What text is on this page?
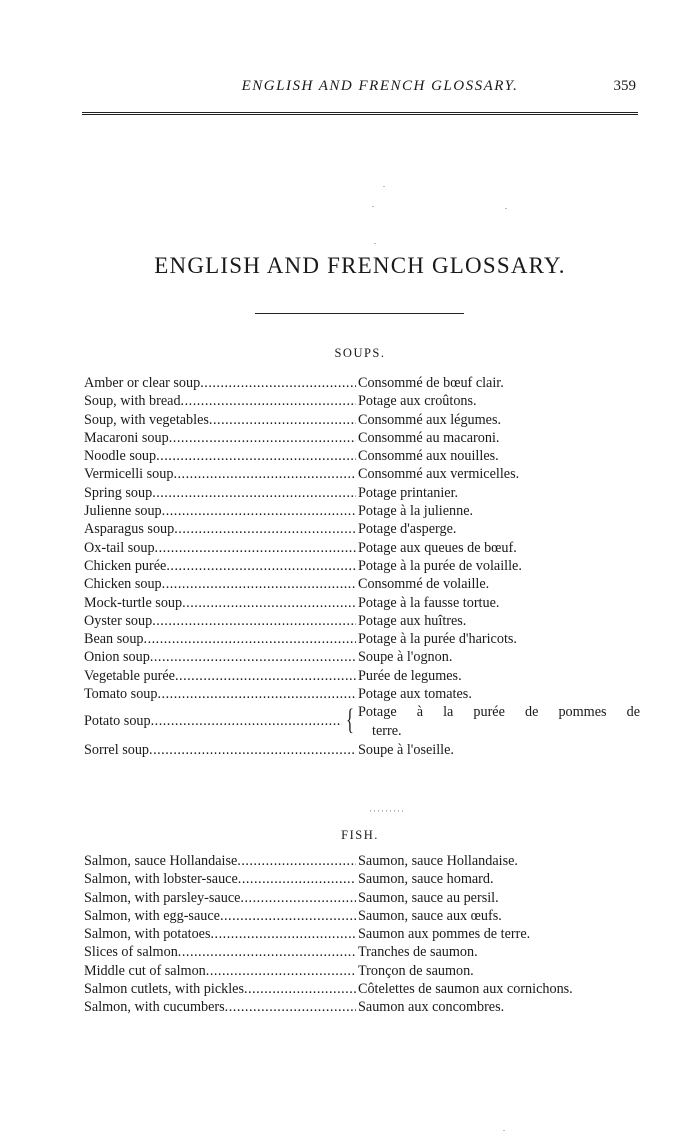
ENGLISH AND FRENCH GLOSSARY.	359
ENGLISH AND FRENCH GLOSSARY.
SOUPS.
Amber or clear soup .....	Consommé de bœuf clair.
Soup, with bread .....	Potage aux croûtons.
Soup, with vegetables .....	Consommé aux légumes.
Macaroni soup .....	Consommé au macaroni.
Noodle soup .....	Consommé aux nouilles.
Vermicelli soup .....	Consommé aux vermicelles.
Spring soup .....	Potage printanier.
Julienne soup .....	Potage à la julienne.
Asparagus soup .....	Potage d'asperge.
Ox-tail soup .....	Potage aux queues de bœuf.
Chicken purée .....	Potage à la purée de volaille.
Chicken soup .....	Consommé de volaille.
Mock-turtle soup .....	Potage à la fausse tortue.
Oyster soup .....	Potage aux huîtres.
Bean soup .....	Potage à la purée d'haricots.
Onion soup .....	Soupe à l'ognon.
Vegetable purée .....	Purée de legumes.
Tomato soup .....	Potage aux tomates.
Potato soup .....	{ Potage à la purée de pommes de
terre.
Sorrel soup .....	Soupe à l'oseille.
·········
FISH.
Salmon, sauce Hollandaise .....	Saumon, sauce Hollandaise.
Salmon, with lobster-sauce .....	Saumon, sauce homard.
Salmon, with parsley-sauce .....	Saumon, sauce au persil.
Salmon, with egg-sauce .....	Saumon, sauce aux œufs.
Salmon, with potatoes .....	Saumon aux pommes de terre.
Slices of salmon .....	Tranches de saumon.
Middle cut of salmon .....	Tronçon de saumon.
Salmon cutlets, with pickles .....	Côtelettes de saumon aux cornichons.
Salmon, with cucumbers .....	Saumon aux concombres.
